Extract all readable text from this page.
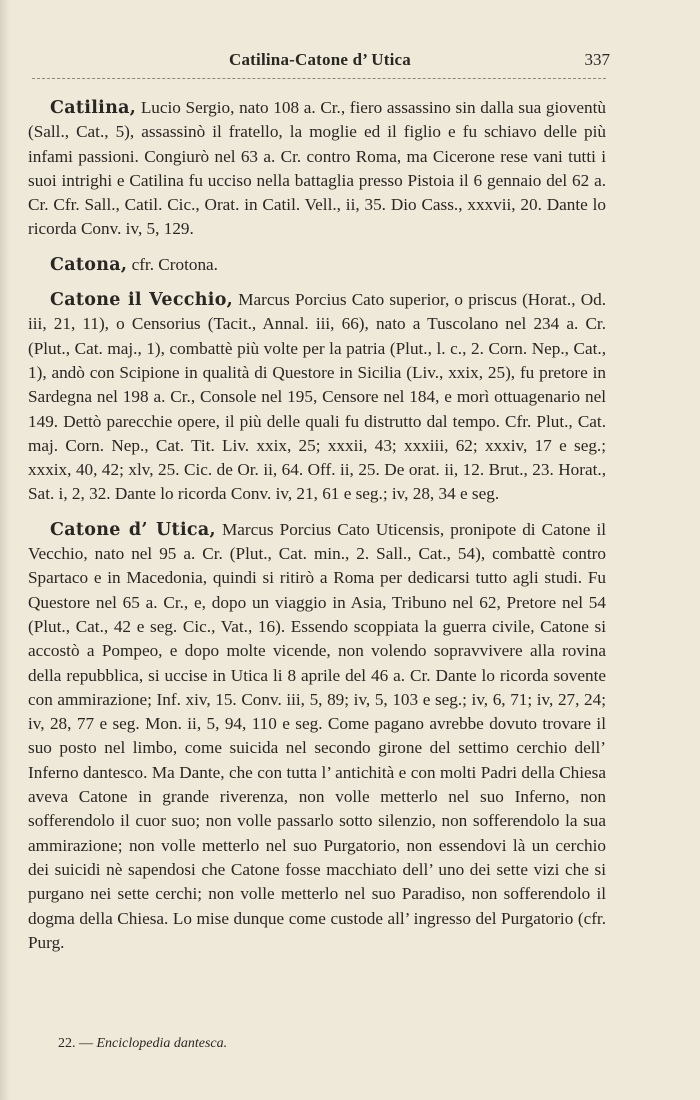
Catilina-Catone d’ Utica	337

Catilina, Lucio Sergio, nato 108 a. Cr., fiero assassino sin dalla sua gioventù (Sall., Cat., 5), assassinò il fratello, la moglie ed il figlio e fu schiavo delle più infami passioni. Congiurò nel 63 a. Cr. contro Roma, ma Cicerone rese vani tutti i suoi intrighi e Catilina fu ucciso nella battaglia presso Pistoia il 6 gennaio del 62 a. Cr. Cfr. Sall., Catil. Cic., Orat. in Catil. Vell., ii, 35. Dio Cass., xxxvii, 20. Dante lo ricorda Conv. iv, 5, 129.

Catona, cfr. Crotona.

Catone il Vecchio, Marcus Porcius Cato superior, o priscus (Horat., Od. iii, 21, 11), o Censorius (Tacit., Annal. iii, 66), nato a Tuscolano nel 234 a. Cr. (Plut., Cat. maj., 1), combattè più volte per la patria (Plut., l. c., 2. Corn. Nep., Cat., 1), andò con Scipione in qualità di Questore in Sicilia (Liv., xxix, 25), fu pretore in Sardegna nel 198 a. Cr., Console nel 195, Censore nel 184, e morì ottuagenario nel 149. Dettò parecchie opere, il più delle quali fu distrutto dal tempo. Cfr. Plut., Cat. maj. Corn. Nep., Cat. Tit. Liv. xxix, 25; xxxii, 43; xxxiii, 62; xxxiv, 17 e seg.; xxxix, 40, 42; xlv, 25. Cic. de Or. ii, 64. Off. ii, 25. De orat. ii, 12. Brut., 23. Horat., Sat. i, 2, 32. Dante lo ricorda Conv. iv, 21, 61 e seg.; iv, 28, 34 e seg.

Catone d’ Utica, Marcus Porcius Cato Uticensis, pronipote di Catone il Vecchio, nato nel 95 a. Cr. (Plut., Cat. min., 2. Sall., Cat., 54), combattè contro Spartaco e in Macedonia, quindi si ritirò a Roma per dedicarsi tutto agli studi. Fu Questore nel 65 a. Cr., e, dopo un viaggio in Asia, Tribuno nel 62, Pretore nel 54 (Plut., Cat., 42 e seg. Cic., Vat., 16). Essendo scoppiata la guerra civile, Catone si accostò a Pompeo, e dopo molte vicende, non volendo sopravvivere alla rovina della repubblica, si uccise in Utica li 8 aprile del 46 a. Cr. Dante lo ricorda sovente con ammirazione; Inf. xiv, 15. Conv. iii, 5, 89; iv, 5, 103 e seg.; iv, 6, 71; iv, 27, 24; iv, 28, 77 e seg. Mon. ii, 5, 94, 110 e seg. Come pagano avrebbe dovuto trovare il suo posto nel limbo, come suicida nel secondo girone del settimo cerchio dell’ Inferno dantesco. Ma Dante, che con tutta l’ antichità e con molti Padri della Chiesa aveva Catone in grande riverenza, non volle metterlo nel suo Inferno, non sofferendolo il cuor suo; non volle passarlo sotto silenzio, non sofferendolo la sua ammirazione; non volle metterlo nel suo Purgatorio, non essendovi là un cerchio dei suicidi nè sapendosi che Catone fosse macchiato dell’ uno dei sette vizi che si purgano nei sette cerchi; non volle metterlo nel suo Paradiso, non sofferendolo il dogma della Chiesa. Lo mise dunque come custode all’ ingresso del Purgatorio (cfr. Purg.

22. — Enciclopedia dantesca.
